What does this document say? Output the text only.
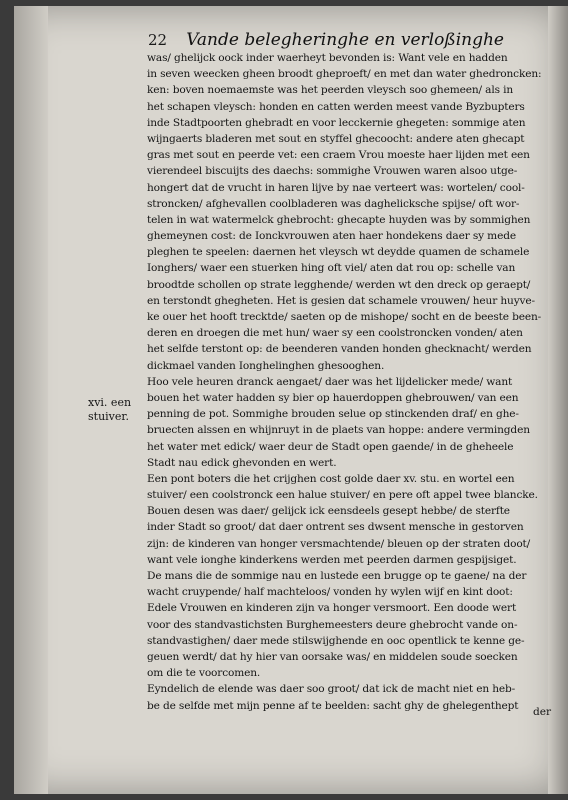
22 Vande belegheringhe en verloßinghe
xvi. een
stuiver.
was/ ghelijck oock inder waerheyt bevonden is: Want vele en hadden
in seven weecken gheen broodt gheproeft/ en met dan water ghedroncken:
ken: boven noemaemste was het peerden vleysch soo ghemeen/ als in
het schapen vleysch: honden en catten werden meest vande Byzbupters
inde Stadtpoorten ghebradt en voor lecckernie ghegeten: sommige aten
wijngaerts bladeren met sout en styffel ghecoocht: andere aten ghecapt
gras met sout en peerde vet: een craem Vrou moeste haer lijden met een
vierendeel biscuijts des daechs: sommighe Vrouwen waren alsoo utge-
hongert dat de vrucht in haren lijve by nae verteert was: wortelen/ cool-
stroncken/ afghevallen coolbladeren was daghelicksche spijse/ oft wor-
telen in wat watermelck ghebrocht: ghecapte huyden was by sommighen
ghemeynen cost: de Ionckvrouwen aten haer hondekens daer sy mede
pleghen te speelen: daernen het vleysch wt deydde quamen de schamele
Ionghers/ waer een stuerken hing oft viel/ aten dat rou op: schelle van
broodtde schollen op strate legghende/ werden wt den dreck op geraept/
en terstondt ghegheten. Het is gesien dat schamele vrouwen/ heur huyve-
ke ouer het hooft trecktde/ saeten op de mishope/ socht en de beeste been-
deren en droegen die met hun/ waer sy een coolstroncken vonden/ aten
het selfde terstont op: de beenderen vanden honden ghecknacht/ werden
dickmael vanden Ionghelinghen ghesooghen.
Hoo vele heuren dranck aengaet/ daer was het lijdelicker mede/ want
bouen het water hadden sy bier op hauerdoppen ghebrouwen/ van een
penning de pot. Sommighe brouden selue op stinckenden draf/ en ghe-
bruecten alssen en whijnruyt in de plaets van hoppe: andere vermingden
het water met edick/ waer deur de Stadt open gaende/ in de gheheele
Stadt nau edick ghevonden en wert.
Een pont boters die het crijghen cost golde daer xv. stu. en wortel een
stuiver/ een coolstronck een halue stuiver/ en pere oft appel twee blancke.
Bouen desen was daer/ gelijck ick eensdeels gesept hebbe/ de sterfte
inder Stadt so groot/ dat daer ontrent ses dwsent mensche in gestorven
zijn: de kinderen van honger versmachtende/ bleuen op der straten doot/
want vele ionghe kinderkens werden met peerden darmen gespijsiget.
De mans die de sommige nau en lustede een brugge op te gaene/ na der
wacht cruypende/ half machteloos/ vonden hy wylen wijf en kint doot:
Edele Vrouwen en kinderen zijn va honger versmoort. Een doode wert
voor des standvastichsten Burghemeesters deure ghebrocht vande on-
standvastighen/ daer mede stilswijghende en ooc opentlick te kenne ge-
geuen werdt/ dat hy hier van oorsake was/ en middelen soude soecken
om die te voorcomen.
Eyndelich de elende was daer soo groot/ dat ick de macht niet en heb-
be de selfde met mijn penne af te beelden: sacht ghy de ghelegenthept
der
